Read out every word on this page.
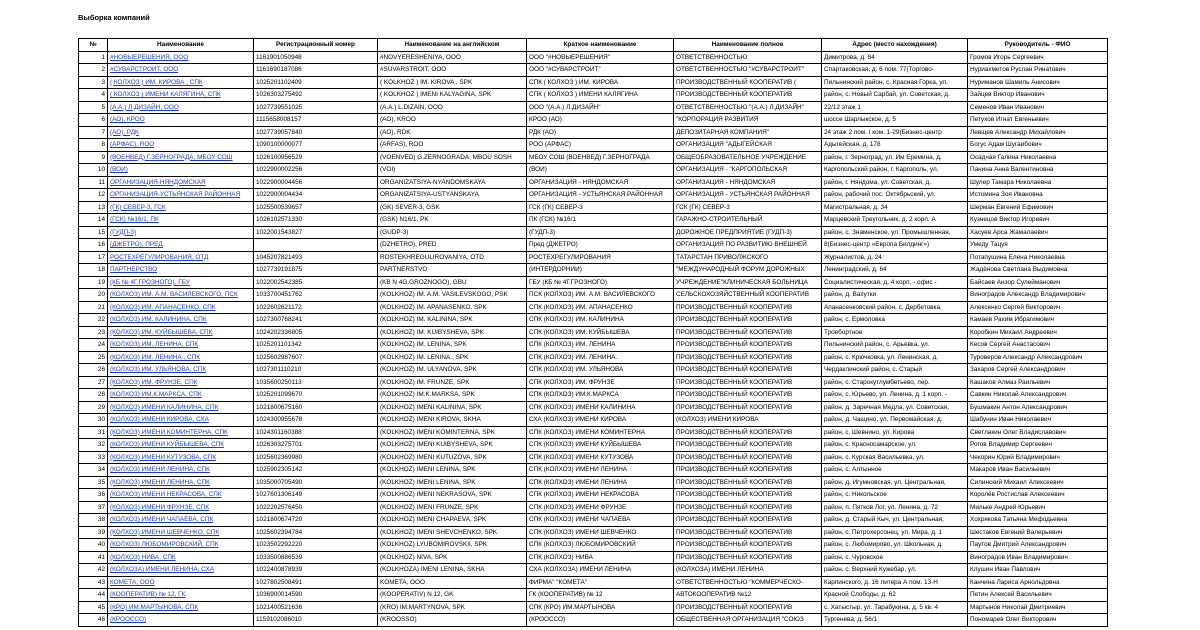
Выборка компаний
№	Наименование	Регистрационный номер	Наименование на английском	Краткое наименование	Наименование полное	Адрес (место нахождения)	Руководитель - ФИО
1	#НОВЫЕРЕШЕНИЯ, ООО	1161901050948	#NOVYERESHENIYA, OOO	ООО "#НОВЫЕРЕШЕНИЯ"	ОТВЕТСТВЕННОСТЬЮ	Димитрова, д. 84	Громов Игорь Сергеевич
2	#СУВАРСТРОИТ, ООО	1161690187086	#SUVARSTROIT, OOO	ООО "#СУВАРСТРОИТ"	ОТВЕТСТВЕННОСТЬЮ "#СУВАРСТРОИТ"	Спартаковская, д. 6 пом. 77(Торгово-	Нуриахметов Руслан Ринатович
3	( КОЛХОЗ ) ИМ. КИРОВА , СПК	1025201102409	( KOLKHOZ ) IM. KIROVA , SPK	СПК ( КОЛХОЗ ) ИМ. КИРОВА	ПРОИЗВОДСТВЕННЫЙ КООПЕРАТИВ (	Пильнинский район, с. Красная Горка, ул.	Нуриманов Шамиль Анисович
4	( КОЛХОЗ ) ИМЕНИ КАЛЯГИНА, СПК	1026303275492	( KOLKHOZ ) IMENI KALYAGINA, SPK	СПК ( КОЛХОЗ ) ИМЕНИ КАЛЯГИНА	ПРОИЗВОДСТВЕННЫЙ КООПЕРАТИВ	район, с. Новый Сарбай, ул. Советская, д.	Зайцев Виктор Иванович
5	(А.А.) Л.ДИЗАЙН, ООО	1027739551025	(A.A.) L.DIZAIN, OOO	ООО "(А.А.) Л.ДИЗАЙН"	ОТВЕТСТВЕННОСТЬЮ "(А.А.) Л.ДИЗАЙН"	22/12 этаж 1	Семенов Иван Иванович
6	(АО), КРОО	1115658008157	(AO), KROO	КРОО (АО)	"КОРПОРАЦИЯ РАЗВИТИЯ	шоссе Шарлыкское, д. 5	Петухов Игнат Евгеньевич
7	(АО), РДК	1027739057840	(AO), RDK	РДК (АО)	ДЕПОЗИТАРНАЯ КОМПАНИЯ"	24 этаж 2 пом. I ком. 1-29(Бизнес-центр	Левщев Александр Михайлович
8	(АРФАС), ROO	1090100000077	(ARFAS), ROO	РОО (АРФАС)	ОРГАНИЗАЦИЯ "АДЫГЕЙСКАЯ	Адыгейская, д. 178	Богус Адам Шугаибович
9	(ВОЕНВЕД) Г.ЗЕРНОГРАДА, МБОУ СОШ	1026100956529	(VOENVED) G.ZERNOGRADA, MBOU SOSH	МБОУ СОШ (ВОЕНВЕД) Г.ЗЕРНОГРАДА	ОБЩЕОБРАЗОВАТЕЛЬНОЕ УЧРЕЖДЕНИЕ	район, г. Зерноград, ул. Им Еремина, д.	Осадчая Галина Николаевна
10	(ВОИ)	1022900002256	(VOI)	(ВОИ)	ОРГАНИЗАЦИЯ - "КАРГОПОЛЬСКАЯ	Каргопольский район, г. Каргополь, ул.	Панина Анна Валентиновна
11	ОРГАНИЗАЦИЯ-НЯНДОМСКАЯ	1022900004456	ORGANIZATSIYA-NYANDOMSKAYA	ОРГАНИЗАЦИЯ - НЯНДОМСКАЯ	ОРГАНИЗАЦИЯ - НЯНДОМСКАЯ	район, г. Няндома, ул. Советская, д.	Шулер Тамара Николаевна
12	ОРГАНИЗАЦИЯ-УСТЬЯНСКАЯ РАЙОННАЯ	1022900004434	ORGANIZATSIYA-USTYANSKAYA	ОРГАНИЗАЦИЯ - УСТЬЯНСКАЯ РАЙОННАЯ	ОРГАНИЗАЦИЯ - УСТЬЯНСКАЯ РАЙОННАЯ	район, рабочий пос. Октябрьский, ул.	Истомина Зоя Ивановна
13	(ГК) СЕВЕР-3, ГСК	1025500539657	(GK) SEVER-3, GSK	ГСК (ГК) СЕВЕР-3	ГСК (ГК) СЕВЕР-3	Магистральная, д. 34	Шерман Евгений Ефимович
14	(ГСК) №16/1, ПК	1026102571330	(GSK) N16/1, PK	ПК (ГСК) №16/1	ГАРАЖНО-СТРОИТЕЛЬНЫЙ	Марцевский Треугольник, д. 2 корп. А	Кузнецов Виктор Игоревич
15	(ГУДП-3)	1022001543827	(GUDP-3)	(ГУДП-3)	ДОРОЖНОЕ ПРЕДПРИЯТИЕ (ГУДП-3)	район, с. Знаменское, ул. Промышленная,	Хасуев Арса Жамалаевич
16	(ДЖЕТРО), ПРЕД		(DZHETRO), PRED	Пред (ДЖЕТРО)	ОРГАНИЗАЦИЯ ПО РАЗВИТИЮ ВНЕШНЕЙ	8(Бизнес-центр «Европа Билдинг»)	Умеду Тацуя
17	РОСТЕХРЕГУЛИРОВАНИЯ, ОТД	1045207821493	ROSTEKHREGULIROVANIYA, OTD	РОСТЕХРЕГУЛИРОВАНИЯ	ТАТАРСТАН ПРИВОЛЖСКОГО	Журналистов, д. 24	Потапушина Елена Николаевна
18	ПАРТНЕРСТВО	1027739191875	PARTNERSTVO	(ИНТЕРДОРНИИ)	"МЕЖДУНАРОДНЫЙ ФОРУМ ДОРОЖНЫХ	Ленинградский, д. 64	Жадёнова Светлана Выдимовна
19	(КБ № 4Г.ГРОЗНОГО), ГБУ	1022002542385	(KB N 4G.GROZNOGO), GBU	ГБУ (КБ № 4Г.ГРОЗНОГО)	УЧРЕЖДЕНИЕ"КЛИНИЧЕСКАЯ БОЛЬНИЦА	Социалистическая, д. 4 корп. - офис -	Байсаев Анзор Сулейманович
20	(КОЛХОЗ) ИМ. А.М. ВАСИЛЕВСКОГО, ПСК	1033700451762	(KOLKHOZ) IM. A.M. VASILEVSKOGO, PSK	ПСК (КОЛХОЗ) ИМ. А.М. ВАСИЛЕВСКОГО	СЕЛЬСКОХОЗЯЙСТВЕННЫЙ КООПЕРАТИВ	район, д. Вахутки	Виноградов Александр Владимирович
21	(КОЛХОЗ) ИМ. АПАНАСЕНКО, СПК	1022602621172	(KOLKHOZ) IM. APANASENKO, SPK	СПК (КОЛХОЗ) ИМ. АПАНАСЕНКО	ПРОИЗВОДСТВЕННЫЙ КООПЕРАТИВ	Апанасенковский район, с. Дербетовка,	Алексенко Сергей Викторович
22	(КОЛХОЗ) ИМ. КАЛИНИНА, СПК	1027300768241	(KOLKHOZ) IM. KALININA, SPK	СПК (КОЛХОЗ) ИМ. КАЛИНИНА	ПРОИЗВОДСТВЕННЫЙ КООПЕРАТИВ	район, с. Ермоловка	Камаев Рахим Ибрагимович
23	(КОЛХОЗ) ИМ. КУЙБЫШЕВА, СПК	1024202336805	(KOLKHOZ) IM. KUIBYSHEVA, SPK	СПК (КОЛХОЗ) ИМ. КУЙБЫШЕВА	ПРОИЗВОДСТВЕННЫЙ КООПЕРАТИВ	Троебортное	Коробкин Михаил Андреевич
24	(КОЛХОЗ) ИМ. ЛЕНИНА, СПК	1025201101342	(KOLKHOZ) IM. LENINA, SPK	СПК (КОЛХОЗ) ИМ. ЛЕНИНА	ПРОИЗВОДСТВЕННЫЙ КООПЕРАТИВ	Пильнинский район, с. Арьевка, ул.	Кесов Сергей Анастасович
25	(КОЛХОЗ) ИМ. ЛЕНИНА., СПК	1025602987607	(KOLKHOZ) IM. LENINA., SPK	СПК (КОЛХОЗ) ИМ. ЛЕНИНА.	ПРОИЗВОДСТВЕННЫЙ КООПЕРАТИВ	район, с. Крючковка, ул. Ленинская, д.	Туроверов Александр Александрович
26	(КОЛХОЗ) ИМ. УЛЬЯНОВА, СПК	1027301110210	(KOLKHOZ) IM. ULYANOVA, SPK	СПК (КОЛХОЗ) ИМ. УЛЬЯНОВА	ПРОИЗВОДСТВЕННЫЙ КООПЕРАТИВ	Чердаклинский район, с. Старый	Захаров Сергей Александрович
27	(КОЛХОЗ) ИМ. ФРУНЗЕ, СПК	1035600250113	(KOLKHOZ) IM. FRUNZE, SPK	СПК (КОЛХОЗ) ИМ. ФРУНЗЕ	ПРОИЗВОДСТВЕННЫЙ КООПЕРАТИВ	район, с. Старокутлумбетьево, пер.	Кашаков Алмаз Раильевич
28	(КОЛХОЗ) ИМ.К.МАРКСА, СПК	1025201099670	(KOLKHOZ) IM.K.MARKSA, SPK	СПК (КОЛХОЗ) ИМ.К.МАРКСА	ПРОИЗВОДСТВЕННЫЙ КООПЕРАТИВ	район, с. Юрьево, ул. Ленина, д. 1 корп. -	Савкин Николай Александрович
29	(КОЛХОЗ) ИМЕНИ КАЛИНИНА, СПК	1021800675160	(KOLKHOZ) IMENI KALININA, SPK	СПК (КОЛХОЗ) ИМЕНИ КАЛИНИНА	ПРОИЗВОДСТВЕННЫЙ КООПЕРАТИВ	район, д. Заречная Медла, ул. Советская,	Бушмакин Антон Александрович
30	(КОЛХОЗ) ИМЕНИ КИРОВА, СХА	1024300955678	(KOLKHOZ) IMENI KIROVA, SKHA	СХА (КОЛХОЗ) ИМЕНИ КИРОВА	(КОЛХОЗ) ИМЕНИ КИРОВА	район, д. Чащино, ул. Первомайская, д.	Шабунин Иван Николаевич
31	(КОЛХОЗ) ИМЕНИ КОМИНТЕРНА, СПК	1024301160388	(KOLKHOZ) IMENI KOMINTERNA, SPK	СПК (КОЛХОЗ) ИМЕНИ КОМИНТЕРНА	ПРОИЗВОДСТВЕННЫЙ КООПЕРАТИВ	район, с. Шевнино, ул. Кирова	Светлакин Олег Владиславович
32	(КОЛХОЗ) ИМЕНИ КУЙБЫШЕВА, СПК	1026303275701	(KOLKHOZ) IMENI KUIBYSHEVA, SPK	СПК (КОЛХОЗ) ИМЕНИ КУЙБЫШЕВА	ПРОИЗВОДСТВЕННЫЙ КООПЕРАТИВ	район, с. Красносамарское, ул.	Рогов Владимир Сергеевич
33	(КОЛХОЗ) ИМЕНИ КУТУЗОВА, СПК	1025602369980	(KOLKHOZ) IMENI KUTUZOVA, SPK	СПК (КОЛХОЗ) ИМЕНИ КУТУЗОВА	ПРОИЗВОДСТВЕННЫЙ КООПЕРАТИВ	район, с. Курская Васильевка, ул.	Чекорин Юрий Владимирович
34	(КОЛХОЗ) ИМЕНИ ЛЕНИНА, СПК	1025902305142	(KOLKHOZ) IMENI LENINA, SPK	СПК (КОЛХОЗ) ИМЕНИ ЛЕНИНА	ПРОИЗВОДСТВЕННЫЙ КООПЕРАТИВ	район, с. Алтынное	Макаров Иван Васильевич
35	(КОЛХОЗ) ИМЕНИ ЛЕНИНА, СПК	1035000705490	(KOLKHOZ) IMENI LENINA, SPK	СПК (КОЛХОЗ) ИМЕНИ ЛЕНИНА	ПРОИЗВОДСТВЕННЫЙ КООПЕРАТИВ	район, д. Игумновская, ул. Центральная,	Силинский Михаил Алексеевич
36	(КОЛХОЗ) ИМЕНИ НЕКРАСОВА, СПК	1027601306149	(KOLKHOZ) IMENI NEKRASOVA, SPK	СПК (КОЛХОЗ) ИМЕНИ НЕКРАСОВА	ПРОИЗВОДСТВЕННЫЙ КООПЕРАТИВ	район, с. Никольское	Королёв Ростислав Алексеевич
37	(КОЛХОЗ) ИМЕНИ ФРУНЗЕ, СПК	1022202576450	(KOLKHOZ) IMENI FRUNZE, SPK	СПК (КОЛХОЗ) ИМЕНИ ФРУНЗЕ	ПРОИЗВОДСТВЕННЫЙ КООПЕРАТИВ	район, п. Пятков Лог, ул. Ленина, д. 72	Мильке Андрей Юрьевич
38	(КОЛХОЗ) ИМЕНИ ЧАПАЕВА, СПК	1021800674720	(KOLKHOZ) IMENI CHAPAEVA, SPK	СПК (КОЛХОЗ) ИМЕНИ ЧАПАЕВА	ПРОИЗВОДСТВЕННЫЙ КООПЕРАТИВ	район, д. Старый Кыч, ул. Центральная,	Хохрякова Татьяна Мефодьевна
39	(КОЛХОЗ) ИМЕНИ ШЕВЧЕНКО, СПК	1025602394784	(KOLKHOZ) IMENI SHEVCHENKO, SPK	СПК (КОЛХОЗ) ИМЕНИ ШЕВЧЕНКО	ПРОИЗВОДСТВЕННЫЙ КООПЕРАТИВ	район, с. Петрохерсонец, ул. Мира, д. 1	Шестаков Евгений Валерьевич
40	(КОЛХОЗ) ЛЮБОМИРОВСКИЙ, СПК	1023502292220	(KOLKHOZ) LYUBOMIROVSKII, SPK	СПК (КОЛХОЗ) ЛЮБОМИРОВСКИЙ	ПРОИЗВОДСТВЕННЫЙ КООПЕРАТИВ	район, с. Любомирово, ул. Школьная, д.	Паутов Дмитрий Александрович
41	(КОЛХОЗ) НИВА, СПК	1033500886539	(KOLKHOZ) NIVA, SPK	СПК (КОЛХОЗ) НИВА	ПРОИЗВОДСТВЕННЫЙ КООПЕРАТИВ	район, с. Чуровское	Виноградов Иван Владимирович
42	(КОЛХОЗА) ИМЕНИ ЛЕНИНА, СХА	1022400878939	(KOLKHOZA) IMENI LENINA, SKHA	СХА (КОЛХОЗА) ИМЕНИ ЛЕНИНА	(КОЛХОЗА) ИМЕНИ ЛЕНИНА	район, с. Верхний Кужебар, ул.	Клушин Иван Павлович
43	КОМЕТА, ООО	1027802508491	KOMETA, OOO	ФИРМА" "КОМЕТА"	ОТВЕТСТВЕННОСТЬЮ "КОММЕРЧЕСКО-	Карпинского, д. 16 литера А пом. 13-Н	Канчина Лариса Арнольдовна
44	(КООПЕРАТИВ) № 12, ГК	1036900014590	(KOOPERATIV) N 12, GK	ГК (КООПЕРАТИВ) № 12	АВТОКООПЕРАТИВ №12	Красной Слободы, д. 62	Петин Алексей Васильевич
45	(КРО) ИМ.МАРТЫНОВА, СПК	1021400521636	(KRO) IM.MARTYNOVA, SPK	СПК (КРО) ИМ.МАРТЫНОВА	ПРОИЗВОДСТВЕННЫЙ КООПЕРАТИВ	с. Хатыстыр, ул. Тарабукина, д. 5 кв. 4	Мартынов Николай Дмитриевич
46	(КРООССО)	1159102086010	(KROOSSO)	(КРООССО)	ОБЩЕСТВЕННАЯ ОРГАНИЗАЦИЯ "СОЮЗ	Тургенева, д. 56/1	Пономарев Олег Викторович
